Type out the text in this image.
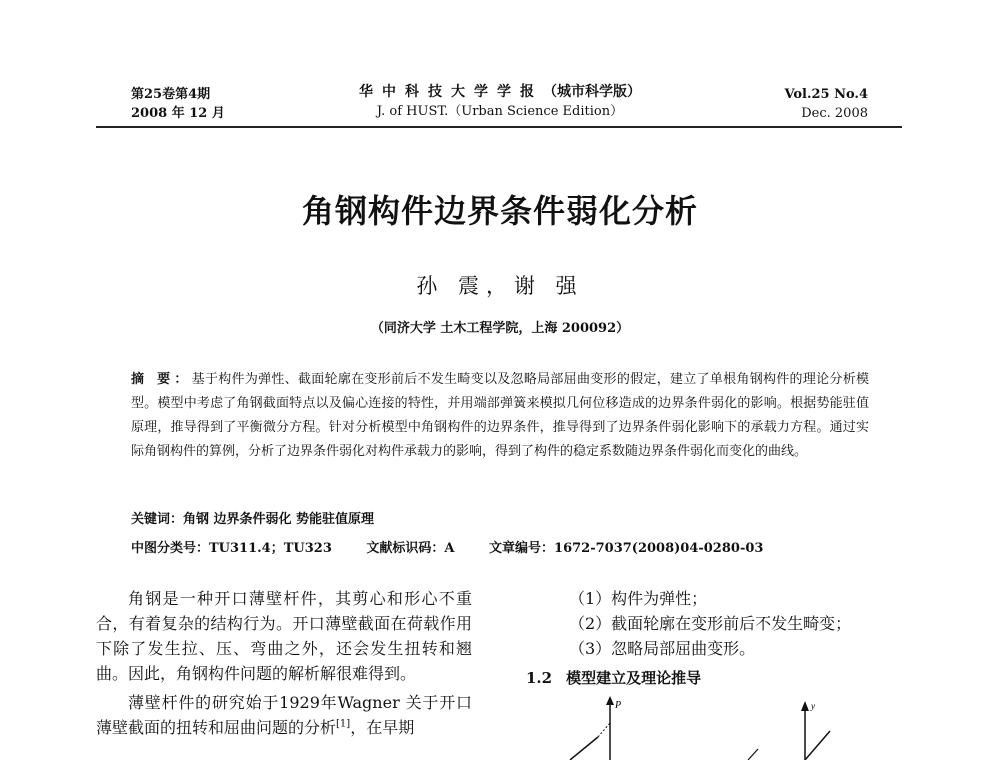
第25卷第4期
2008 年 12 月
华中科技大学学报（城市科学版）
J. of HUST.（Urban Science Edition）
Vol.25 No.4
Dec. 2008
角钢构件边界条件弱化分析
孙 震，谢 强
（同济大学 土木工程学院，上海 200092）
摘 要：基于构件为弹性、截面轮廓在变形前后不发生畸变以及忽略局部屈曲变形的假定，建立了单根角钢构件的理论分析模型。模型中考虑了角钢截面特点以及偏心连接的特性，并用端部弹簧来模拟几何位移造成的边界条件弱化的影响。根据势能驻值原理，推导得到了平衡微分方程。针对分析模型中角钢构件的边界条件，推导得到了边界条件弱化影响下的承载力方程。通过实际角钢构件的算例，分析了边界条件弱化对构件承载力的影响，得到了构件的稳定系数随边界条件弱化而变化的曲线。
关键词：角钢 边界条件弱化 势能驻值原理
中图分类号：TU311.4；TU323	文献标识码：A	文章编号：1672-7037(2008)04-0280-03

角钢是一种开口薄壁杆件，其剪心和形心不重合，有着复杂的结构行为。开口薄壁截面在荷载作用下除了发生拉、压、弯曲之外，还会发生扭转和翘曲。因此，角钢构件问题的解析解很难得到。

薄壁杆件的研究始于1929年Wagner 关于开口薄壁截面的扭转和屈曲问题的分析[1]，在早期

（1）构件为弹性；
（2）截面轮廓在变形前后不发生畸变；
（3）忽略局部屈曲变形。
1.2 模型建立及理论推导
P	y
